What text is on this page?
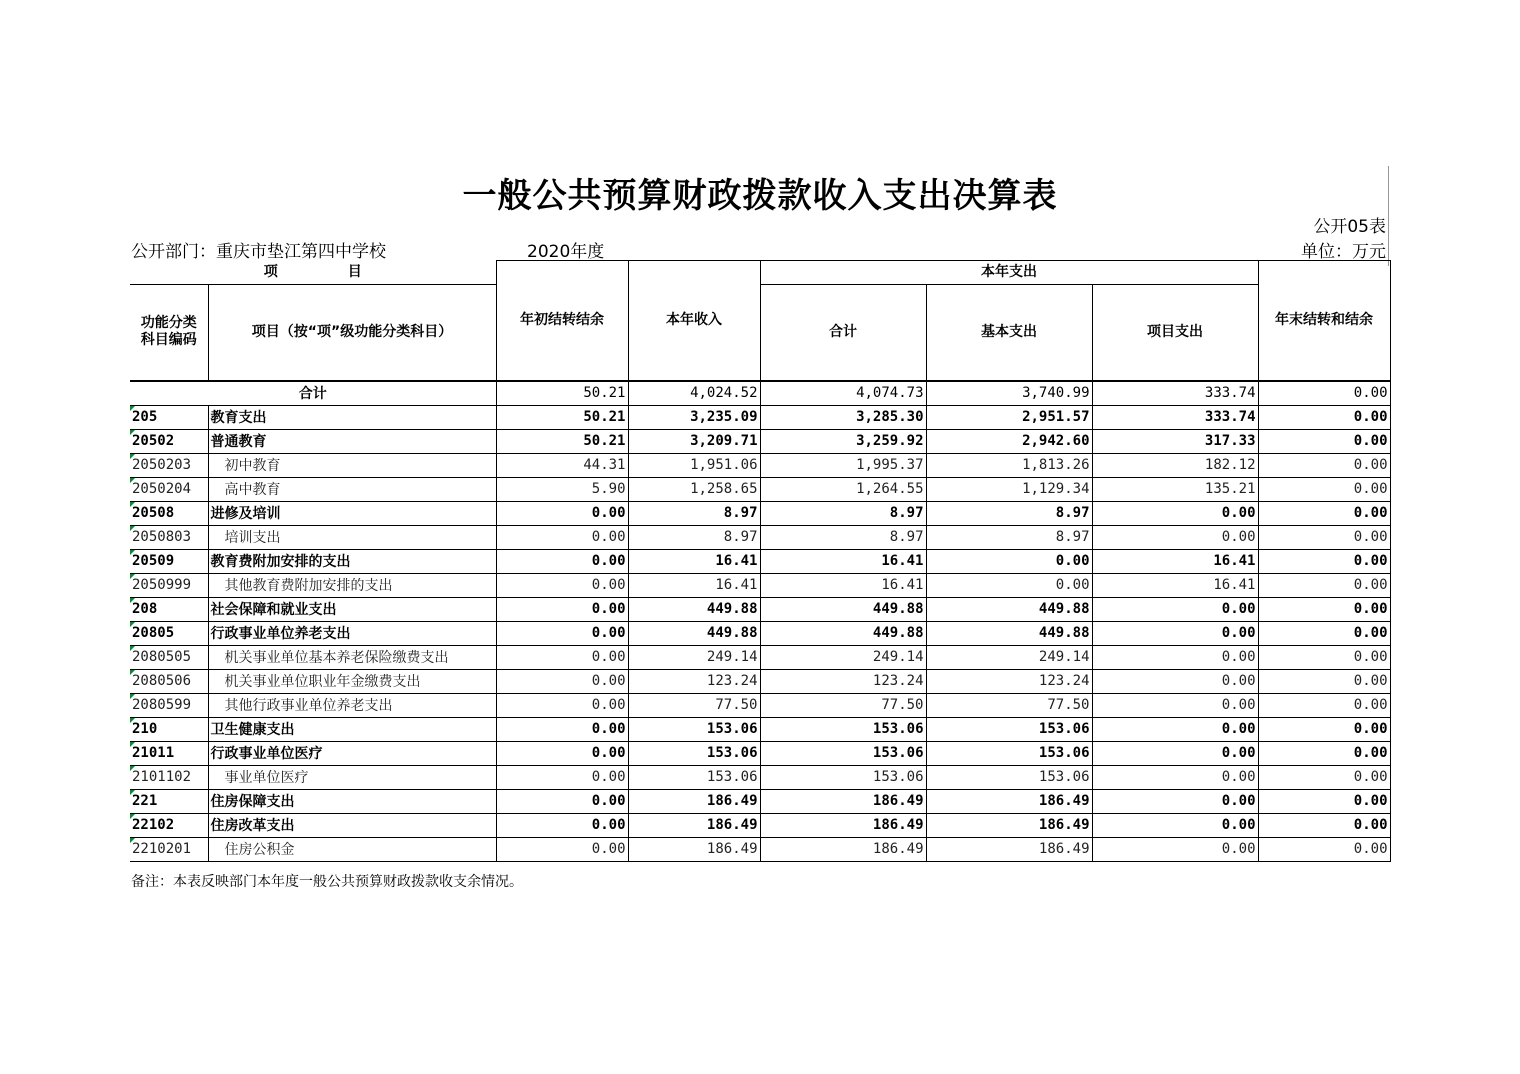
一般公共预算财政拨款收入支出决算表
公开05表
公开部门：重庆市垫江第四中学校	2020年度	单位：万元
项　　　　　目		年初结转结余	本年收入	本年支出			年末结转和结余
功能分类
科目编码	项目（按“项”级功能分类科目）			合计	基本支出	项目支出	
合计		50.21	4,024.52	4,074.73	3,740.99	333.74	0.00
205	教育支出	50.21	3,235.09	3,285.30	2,951.57	333.74	0.00
20502	普通教育	50.21	3,209.71	3,259.92	2,942.60	317.33	0.00
2050203	初中教育	44.31	1,951.06	1,995.37	1,813.26	182.12	0.00
2050204	高中教育	5.90	1,258.65	1,264.55	1,129.34	135.21	0.00
20508	进修及培训	0.00	8.97	8.97	8.97	0.00	0.00
2050803	培训支出	0.00	8.97	8.97	8.97	0.00	0.00
20509	教育费附加安排的支出	0.00	16.41	16.41	0.00	16.41	0.00
2050999	其他教育费附加安排的支出	0.00	16.41	16.41	0.00	16.41	0.00
208	社会保障和就业支出	0.00	449.88	449.88	449.88	0.00	0.00
20805	行政事业单位养老支出	0.00	449.88	449.88	449.88	0.00	0.00
2080505	机关事业单位基本养老保险缴费支出	0.00	249.14	249.14	249.14	0.00	0.00
2080506	机关事业单位职业年金缴费支出	0.00	123.24	123.24	123.24	0.00	0.00
2080599	其他行政事业单位养老支出	0.00	77.50	77.50	77.50	0.00	0.00
210	卫生健康支出	0.00	153.06	153.06	153.06	0.00	0.00
21011	行政事业单位医疗	0.00	153.06	153.06	153.06	0.00	0.00
2101102	事业单位医疗	0.00	153.06	153.06	153.06	0.00	0.00
221	住房保障支出	0.00	186.49	186.49	186.49	0.00	0.00
22102	住房改革支出	0.00	186.49	186.49	186.49	0.00	0.00
2210201	住房公积金	0.00	186.49	186.49	186.49	0.00	0.00
备注：本表反映部门本年度一般公共预算财政拨款收支余情况。
